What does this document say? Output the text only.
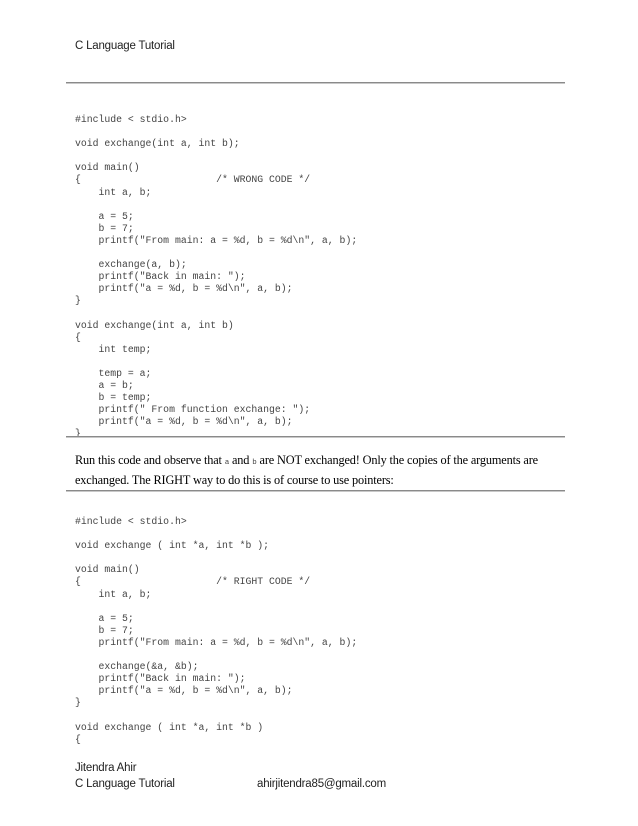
C Language Tutorial
#include < stdio.h>

void exchange(int a, int b);

void main()
{                       /* WRONG CODE */
int a, b;

a = 5;
b = 7;
printf("From main: a = %d, b = %d\n", a, b);

exchange(a, b);
printf("Back in main: ");
printf("a = %d, b = %d\n", a, b);
}

void exchange(int a, int b)
{
int temp;

temp = a;
a = b;
b = temp;
printf(" From function exchange: ");
printf("a = %d, b = %d\n", a, b);
}

Run this code and observe that a and b are NOT exchanged! Only the copies of the arguments are exchanged. The RIGHT way to do this is of course to use pointers:

#include < stdio.h>

void exchange ( int *a, int *b );

void main()
{                       /* RIGHT CODE */
int a, b;

a = 5;
b = 7;
printf("From main: a = %d, b = %d\n", a, b);

exchange(&a, &b);
printf("Back in main: ");
printf("a = %d, b = %d\n", a, b);
}

void exchange ( int *a, int *b )
{
Jitendra Ahir
C Language Tutorial	ahirjitendra85@gmail.com
